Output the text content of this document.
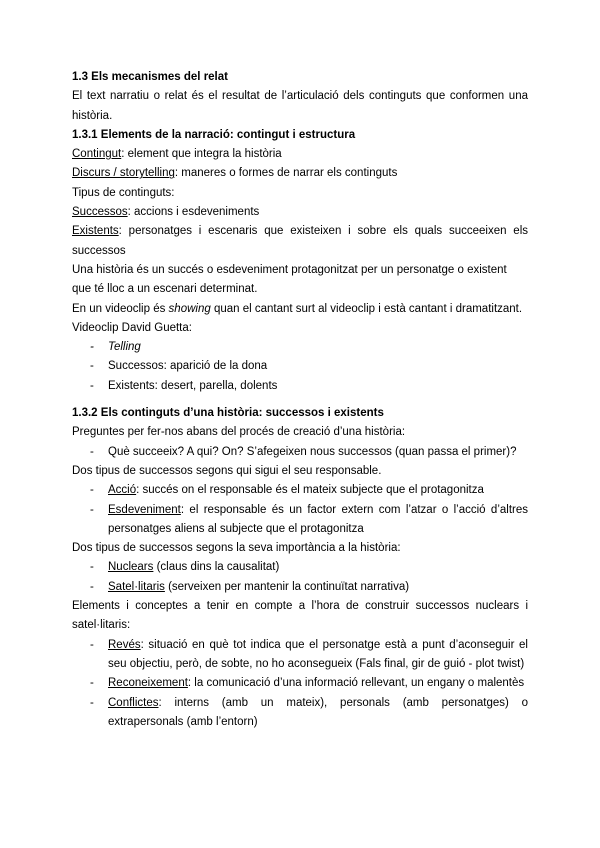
1.3 Els mecanismes del relat

El text narratiu o relat és el resultat de l’articulació dels continguts que conformen una història.

1.3.1 Elements de la narració: contingut i estructura

Contingut: element que integra la història

Discurs / storytelling: maneres o formes de narrar els continguts

Tipus de continguts:

Successos: accions i esdeveniments

Existents: personatges i escenaris que existeixen i sobre els quals succeeixen els successos

Una història és un succés o esdeveniment protagonitzat per un personatge o existent que té lloc a un escenari determinat.

En un videoclip és showing quan el cantant surt al videoclip i està cantant i dramatitzant.

Videoclip David Guetta:

- Telling
- Successos: aparició de la dona
- Existents: desert, parella, dolents

1.3.2 Els continguts d’una història: successos i existents

Preguntes per fer-nos abans del procés de creació d’una història:

- Què succeeix? A qui? On? S’afegeixen nous successos (quan passa el primer)?

Dos tipus de successos segons qui sigui el seu responsable.

- Acció: succés on el responsable és el mateix subjecte que el protagonitza
- Esdeveniment: el responsable és un factor extern com l’atzar o l’acció d’altres personatges aliens al subjecte que el protagonitza

Dos tipus de successos segons la seva importància a la història:

- Nuclears (claus dins la causalitat)
- Satel·litaris (serveixen per mantenir la continuïtat narrativa)

Elements i conceptes a tenir en compte a l’hora de construir successos nuclears i satel·litaris:

- Revés: situació en què tot indica que el personatge està a punt d’aconseguir el seu objectiu, però, de sobte, no ho aconsegueix (Fals final, gir de guió - plot twist)
- Reconeixement: la comunicació d’una informació rellevant, un engany o malentès
- Conflictes: interns (amb un mateix), personals (amb personatges) o extrapersonals (amb l’entorn)
